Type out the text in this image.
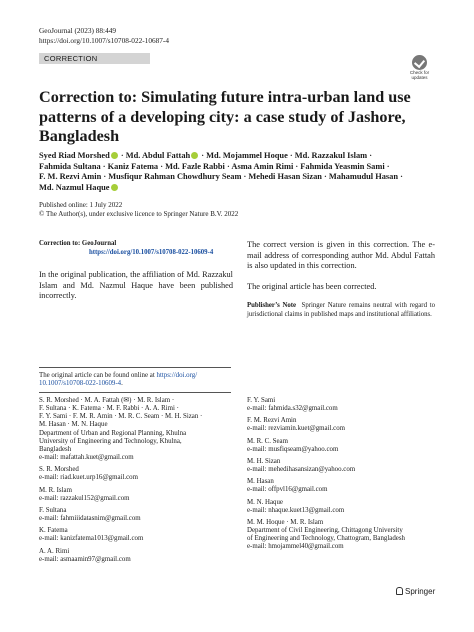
GeoJournal (2023) 88:449
https://doi.org/10.1007/s10708-022-10687-4
CORRECTION
Check for
updates
Correction to: Simulating future intra-urban land use patterns of a developing city: a case study of Jashore, Bangladesh
Syed Riad Morshed · Md. Abdul Fattah · Md. Mojammel Hoque · Md. Razzakul Islam ·
Fahmida Sultana · Kaniz Fatema · Md. Fazle Rabbi · Asma Amin Rimi · Fahmida Yeasmin Sami ·
F. M. Rezvi Amin · Musfiqur Rahman Chowdhury Seam · Mehedi Hasan Sizan · Mahamudul Hasan ·
Md. Nazmul Haque
Published online: 1 July 2022
© The Author(s), under exclusive licence to Springer Nature B.V. 2022
Correction to: GeoJournal
https://doi.org/10.1007/s10708-022-10609-4
In the original publication, the affiliation of Md. Razzakul Islam and Md. Nazmul Haque have been published incorrectly.
The correct version is given in this correction. The e-mail address of corresponding author Md. Abdul Fattah is also updated in this correction.
The original article has been corrected.
Publisher’s Note Springer Nature remains neutral with regard to jurisdictional claims in published maps and institutional affiliations.
The original article can be found online at https://doi.org/
10.1007/s10708-022-10609-4.
S. R. Morshed · M. A. Fattah (✉) · M. R. Islam ·
F. Sultana · K. Fatema · M. F. Rabbi · A. A. Rimi ·
F. Y. Sami · F. M. R. Amin · M. R. C. Seam · M. H. Sizan ·
M. Hasan · M. N. Haque
Department of Urban and Regional Planning, Khulna
University of Engineering and Technology, Khulna,
Bangladesh
e-mail: mafattah.kuet@gmail.com
S. R. Morshed
e-mail: riad.kuet.urp16@gmail.com
M. R. Islam
e-mail: razzakul152@gmail.com
F. Sultana
e-mail: fahmiiidatasnim@gmail.com
K. Fatema
e-mail: kanizfatema1013@gmail.com
A. A. Rimi
e-mail: asmaamin97@gmail.com
F. Y. Sami
e-mail: fahmida.s32@gmail.com
F. M. Rezvi Amin
e-mail: rezviamin.kuet@gmail.com
M. R. C. Seam
e-mail: musfiqseam@yahoo.com
M. H. Sizan
e-mail: mehedihasansizan@yahoo.com
M. Hasan
e-mail: offpvl16@gmail.com
M. N. Haque
e-mail: nhaque.kuet13@gmail.com
M. M. Hoque · M. R. Islam
Department of Civil Engineering, Chittagong University
of Engineering and Technology, Chattogram, Bangladesh
e-mail: hmojammel40@gmail.com
Springer
